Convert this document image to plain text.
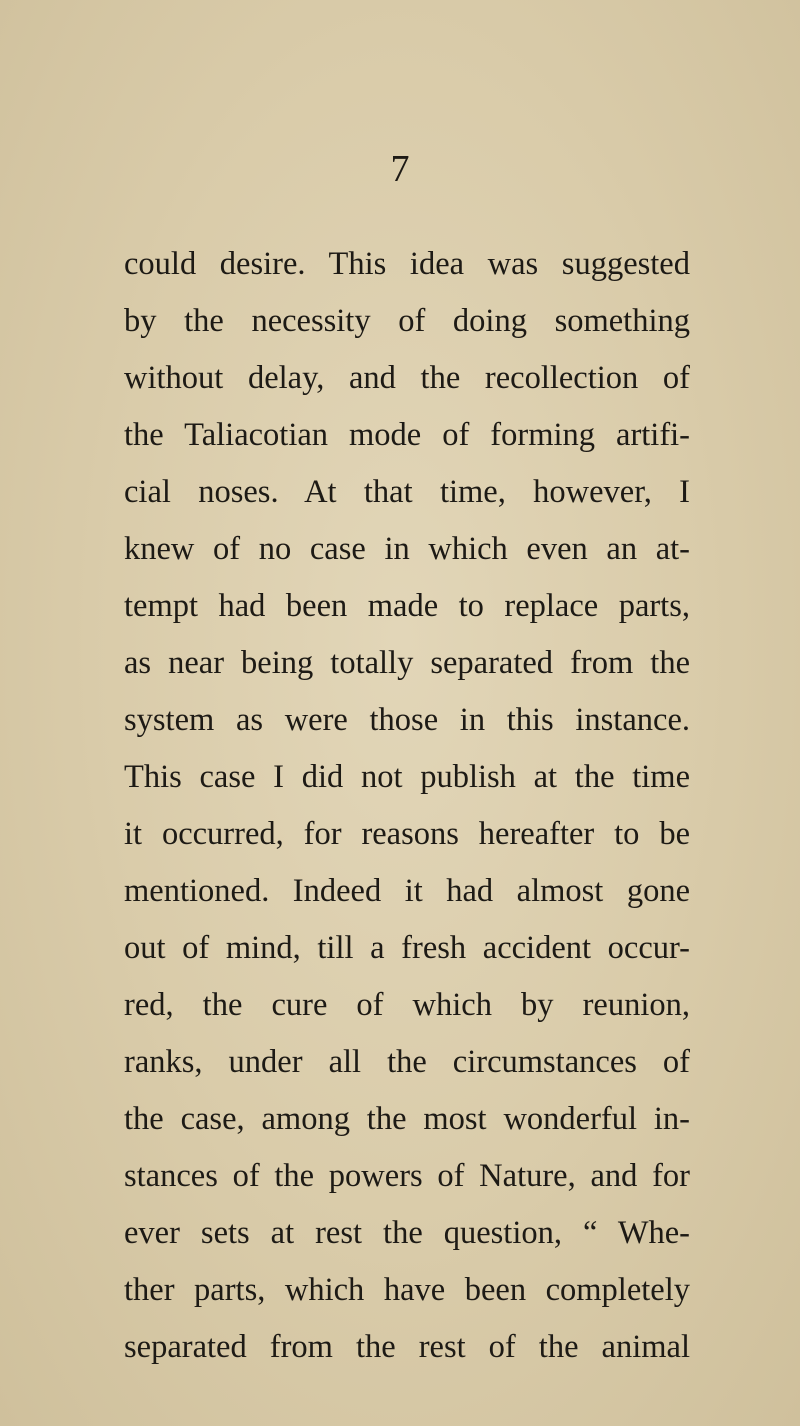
7
could desire. This idea was suggested
by the necessity of doing something
without delay, and the recollection of
the Taliacotian mode of forming artifi-
cial noses. At that time, however, I
knew of no case in which even an at-
tempt had been made to replace parts,
as near being totally separated from the
system as were those in this instance.
This case I did not publish at the time
it occurred, for reasons hereafter to be
mentioned. Indeed it had almost gone
out of mind, till a fresh accident occur-
red, the cure of which by reunion,
ranks, under all the circumstances of
the case, among the most wonderful in-
stances of the powers of Nature, and for
ever sets at rest the question, “ Whe-
ther parts, which have been completely
separated from the rest of the animal
